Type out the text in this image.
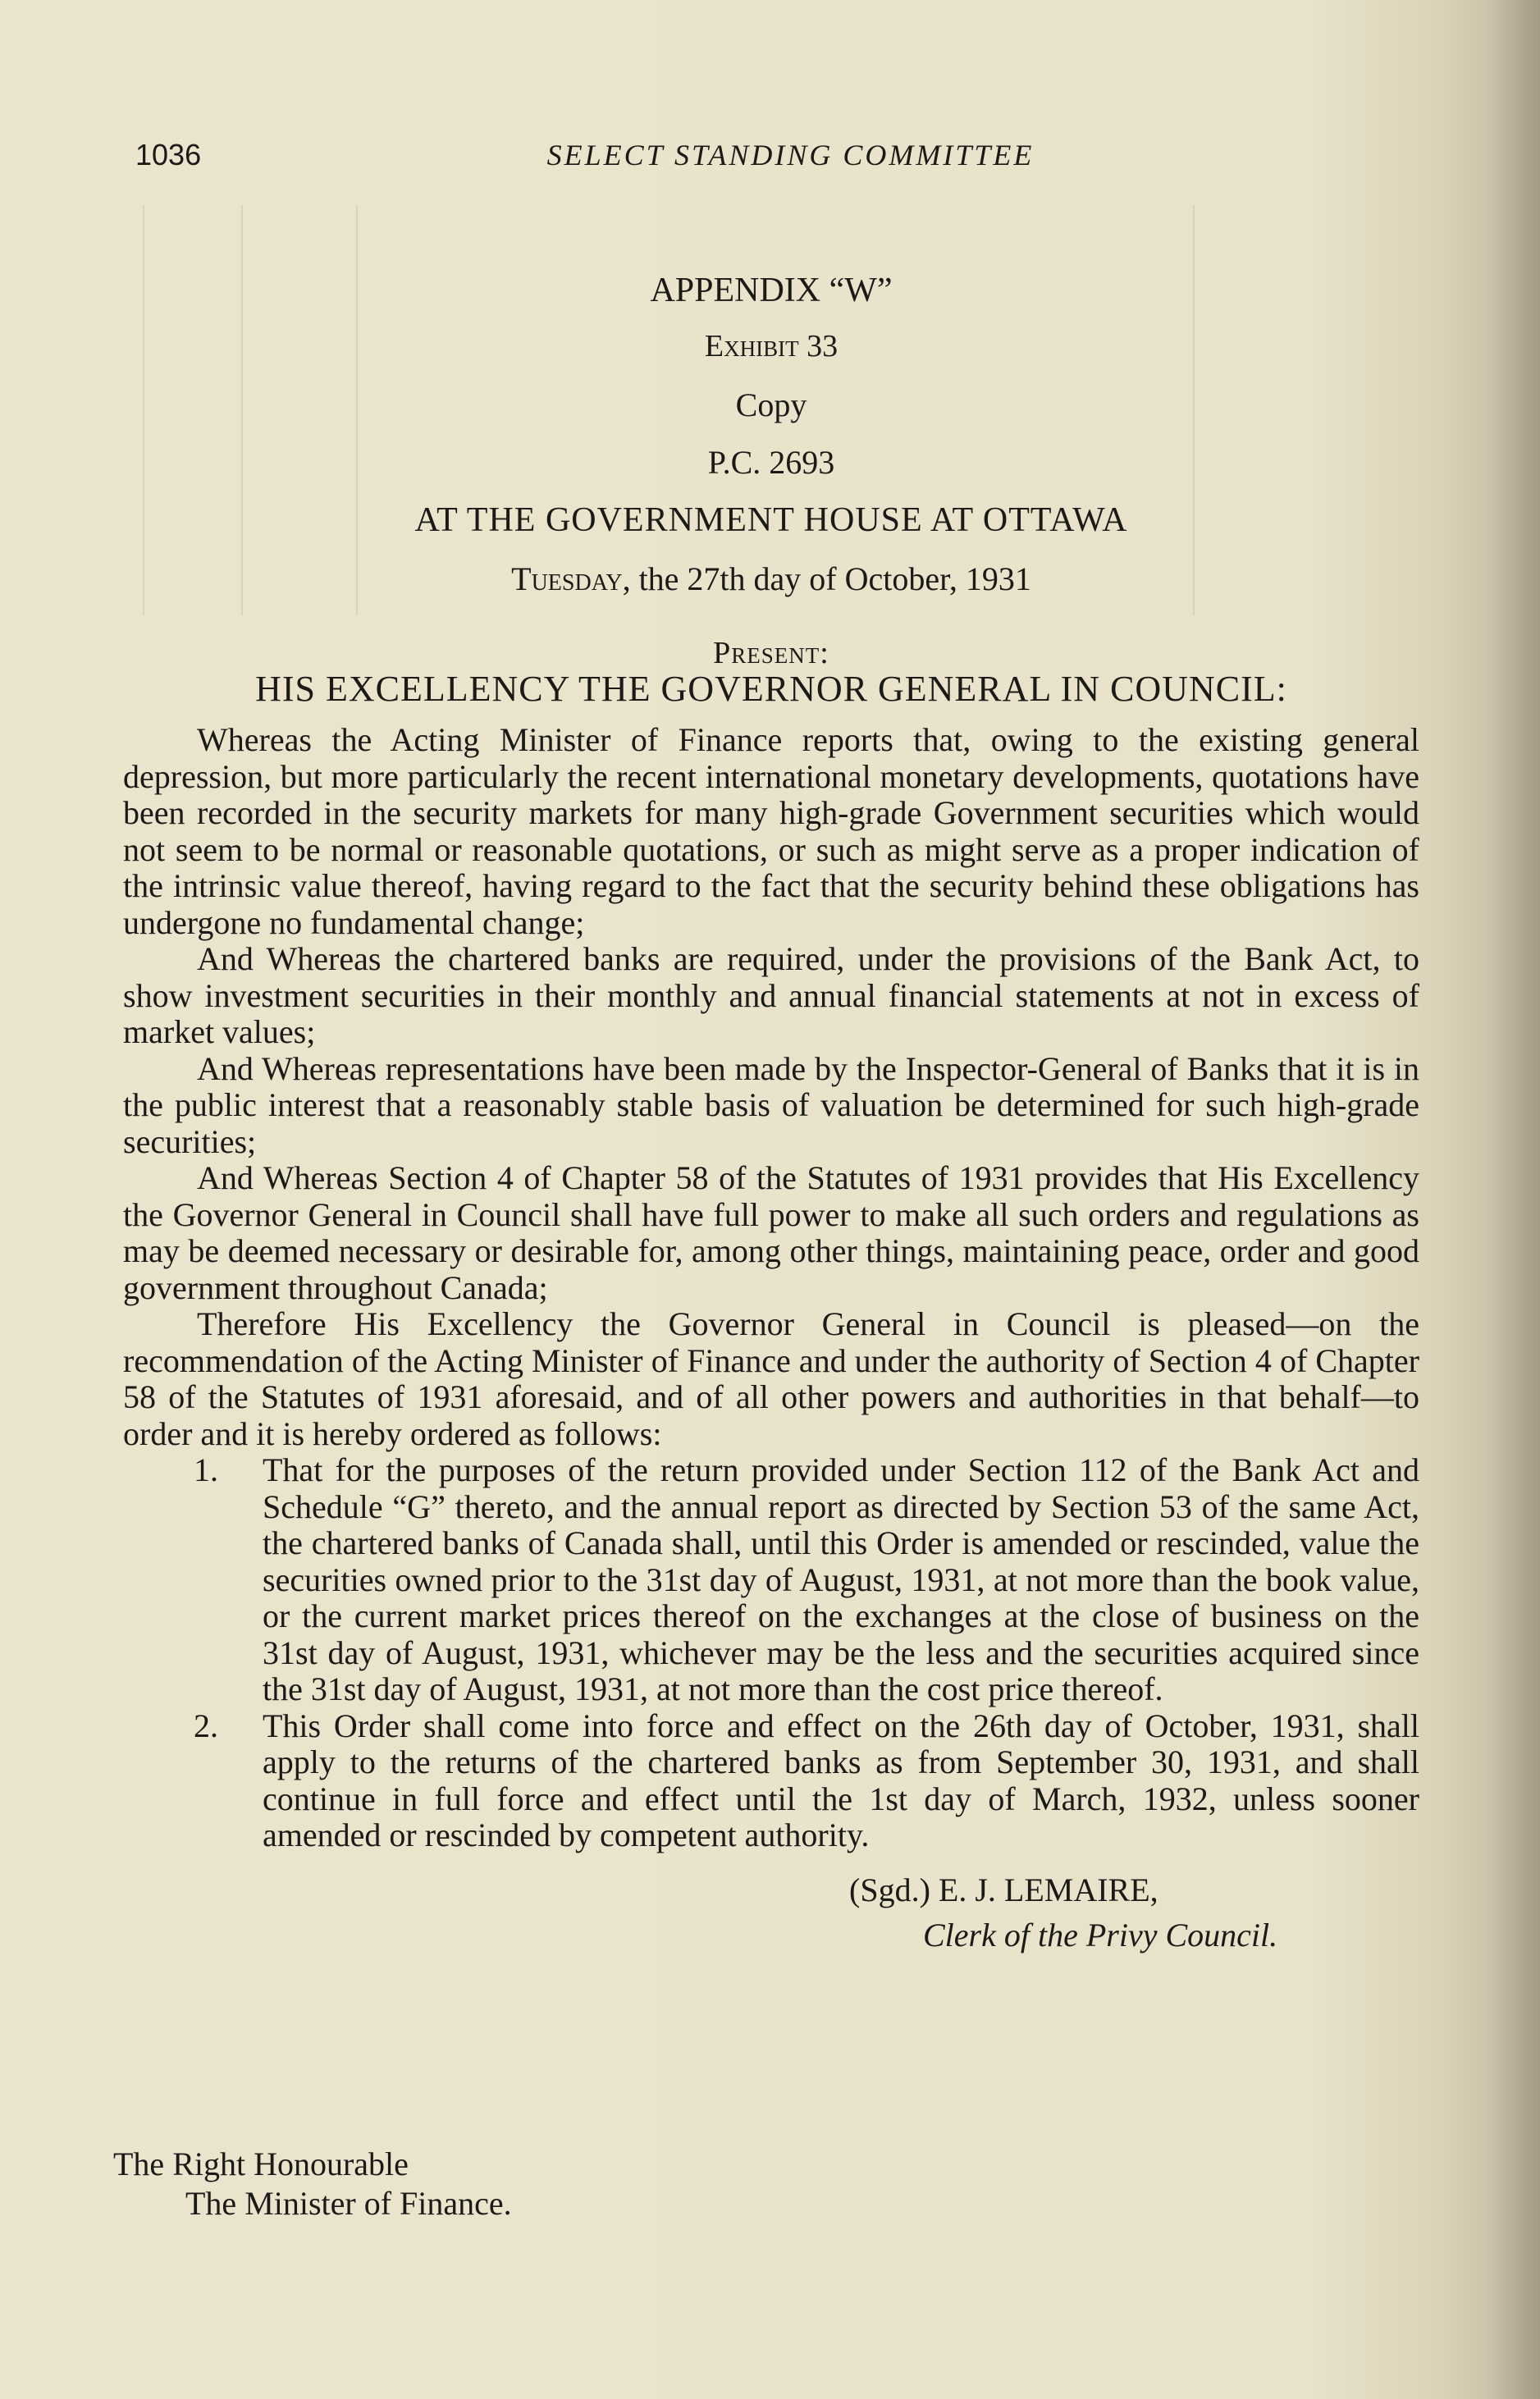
1036	SELECT STANDING COMMITTEE
APPENDIX “W”
Exhibit 33
Copy
P.C. 2693
AT THE GOVERNMENT HOUSE AT OTTAWA
Tuesday, the 27th day of October, 1931
Present:
HIS EXCELLENCY THE GOVERNOR GENERAL IN COUNCIL:

Whereas the Acting Minister of Finance reports that, owing to the existing general depression, but more particularly the recent international monetary developments, quotations have been recorded in the security markets for many high-grade Government securities which would not seem to be normal or reasonable quotations, or such as might serve as a proper indication of the intrinsic value thereof, having regard to the fact that the security behind these obligations has undergone no fundamental change;

And Whereas the chartered banks are required, under the provisions of the Bank Act, to show investment securities in their monthly and annual financial statements at not in excess of market values;

And Whereas representations have been made by the Inspector-General of Banks that it is in the public interest that a reasonably stable basis of valuation be determined for such high-grade securities;

And Whereas Section 4 of Chapter 58 of the Statutes of 1931 provides that His Excellency the Governor General in Council shall have full power to make all such orders and regulations as may be deemed necessary or desirable for, among other things, maintaining peace, order and good government throughout Canada;

Therefore His Excellency the Governor General in Council is pleased—on the recommendation of the Acting Minister of Finance and under the authority of Section 4 of Chapter 58 of the Statutes of 1931 aforesaid, and of all other powers and authorities in that behalf—to order and it is hereby ordered as follows:

1. That for the purposes of the return provided under Section 112 of the Bank Act and Schedule “G” thereto, and the annual report as directed by Section 53 of the same Act, the chartered banks of Canada shall, until this Order is amended or rescinded, value the securities owned prior to the 31st day of August, 1931, at not more than the book value, or the current market prices thereof on the exchanges at the close of business on the 31st day of August, 1931, whichever may be the less and the securities acquired since the 31st day of August, 1931, at not more than the cost price thereof.
2. This Order shall come into force and effect on the 26th day of October, 1931, shall apply to the returns of the chartered banks as from September 30, 1931, and shall continue in full force and effect until the 1st day of March, 1932, unless sooner amended or rescinded by competent authority.
(Sgd.) E. J. LEMAIRE,
Clerk of the Privy Council.
The Right Honourable
The Minister of Finance.
